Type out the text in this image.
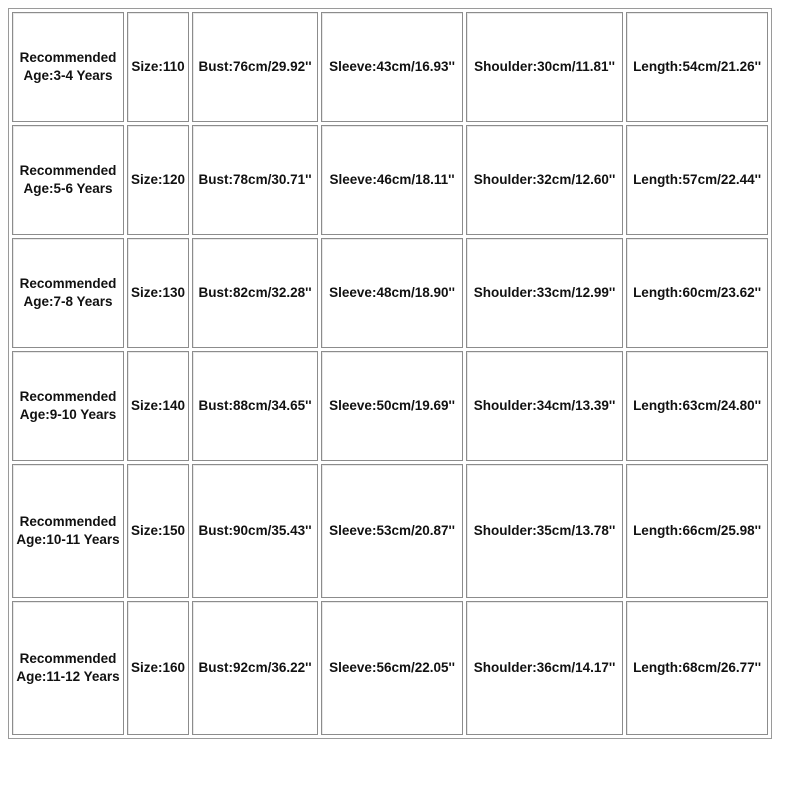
Recommended Age:3-4 Years	Size:110	Bust:76cm/29.92''	Sleeve:43cm/16.93''	Shoulder:30cm/11.81''	Length:54cm/21.26''
Recommended Age:5-6 Years	Size:120	Bust:78cm/30.71''	Sleeve:46cm/18.11''	Shoulder:32cm/12.60''	Length:57cm/22.44''
Recommended Age:7-8 Years	Size:130	Bust:82cm/32.28''	Sleeve:48cm/18.90''	Shoulder:33cm/12.99''	Length:60cm/23.62''
Recommended Age:9-10 Years	Size:140	Bust:88cm/34.65''	Sleeve:50cm/19.69''	Shoulder:34cm/13.39''	Length:63cm/24.80''
Recommended Age:10-11 Years	Size:150	Bust:90cm/35.43''	Sleeve:53cm/20.87''	Shoulder:35cm/13.78''	Length:66cm/25.98''
Recommended Age:11-12 Years	Size:160	Bust:92cm/36.22''	Sleeve:56cm/22.05''	Shoulder:36cm/14.17''	Length:68cm/26.77''
